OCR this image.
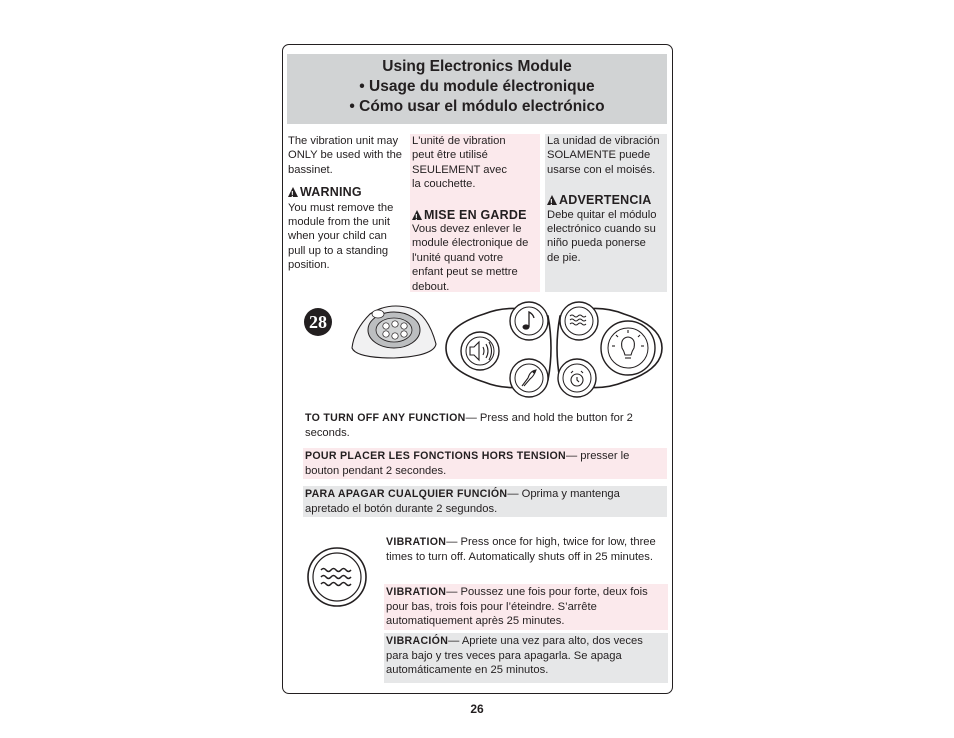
Using Electronics Module
• Usage du module électronique
• Cómo usar el módulo electrónico

The vibration unit may ONLY be used with the bassinet.

!
WARNING

You must remove the module from the unit when your child can pull up to a standing position.

L'unité de vibration peut être utilisé SEULEMENT avec la couchette.

!
MISE EN GARDE

Vous devez enlever le module électronique de l'unité quand votre enfant peut se mettre debout.

La unidad de vibración SOLAMENTE puede usarse con el moisés.

!
ADVERTENCIA

Debe quitar el módulo electrónico cuando su niño pueda ponerse de pie.

28
TO TURN OFF ANY FUNCTION— Press and hold the button for 2 seconds.
POUR PLACER LES FONCTIONS HORS TENSION— presser le bouton pendant 2 secondes.
PARA APAGAR CUALQUIER FUNCIÓN— Oprima y mantenga apretado el botón durante 2 segundos.
VIBRATION— Press once for high, twice for low, three times to turn off. Automatically shuts off in 25 minutes.
VIBRATION— Poussez une fois pour forte, deux fois pour bas, trois fois pour l’éteindre. S’arrête automatiquement après 25 minutes.
VIBRACIÓN— Apriete una vez para alto, dos veces para bajo y tres veces para apagarla. Se apaga automáticamente en 25 minutos.
26
